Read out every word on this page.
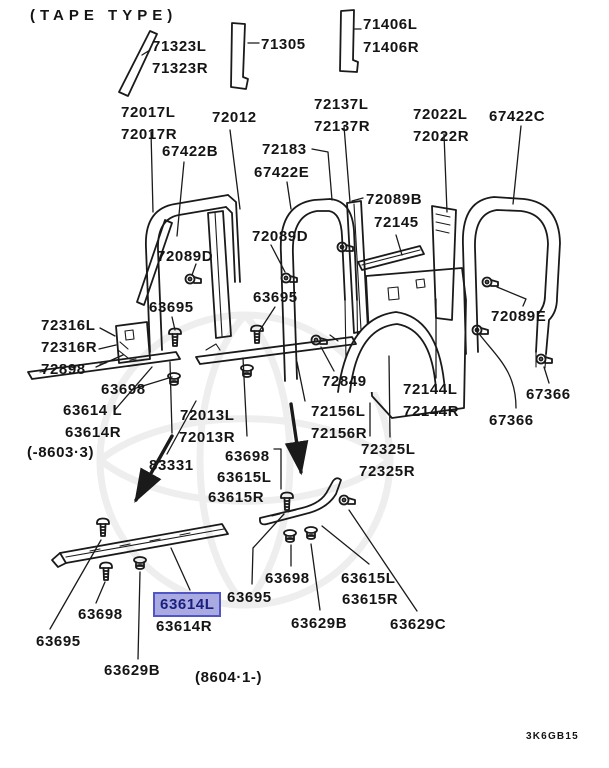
(TAPE TYPE)
71323L
71323R
71305
71406L
71406R
72017L
72017R
72012
72137L
72137R
72022L
72022R
67422C
67422B	72183
67422E
72089B
72145
72089D
72089D
63695
63695
72089E
72316L
72316R
72898
63698
63614 L
63614R
(-8603·3)
72013L
72013R
83331
63698
63615L
63615R
72849
72156L
72156R
72144L
72144R
72325L
72325R
67366
67366
63698
63695
63614L
63614R
63629B (8604·1-)
63695
63698 63615L
63615R
63629B	63629C
3K6GB15
